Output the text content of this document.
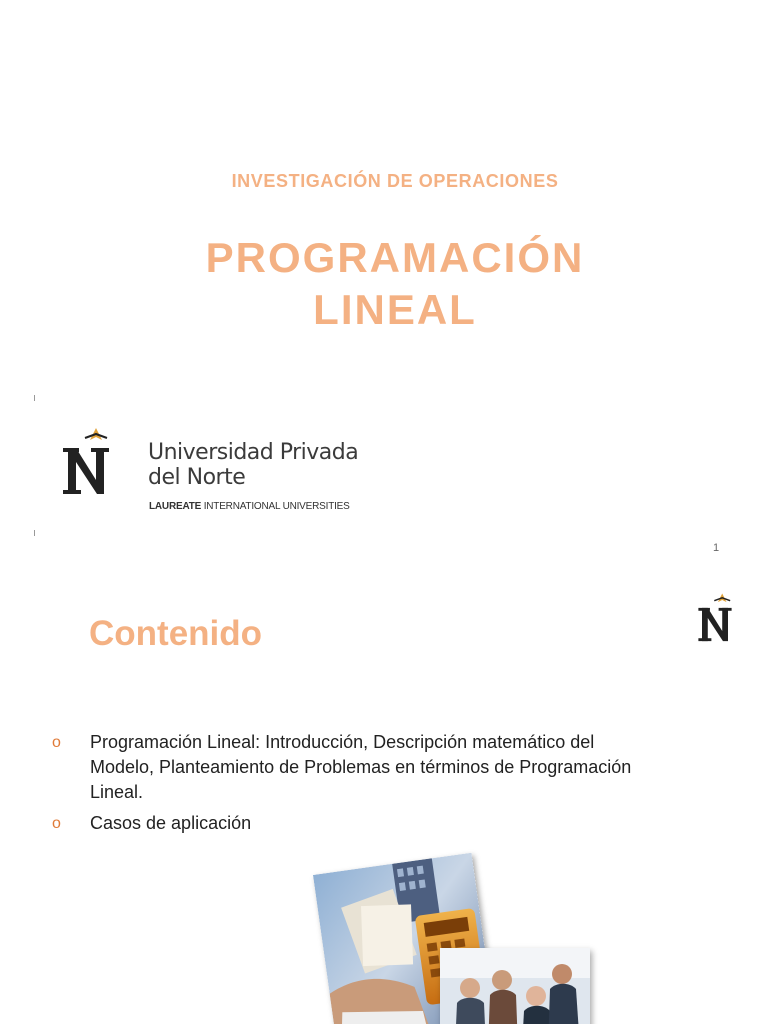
INVESTIGACIÓN DE OPERACIONES
PROGRAMACIÓN
LINEAL
Universidad Privada
del Norte
LAUREATE INTERNATIONAL UNIVERSITIES
1
Contenido
o Programación Lineal: Introducción, Descripción matemático del Modelo, Planteamiento de Problemas en términos de Programación Lineal.
o Casos de aplicación
